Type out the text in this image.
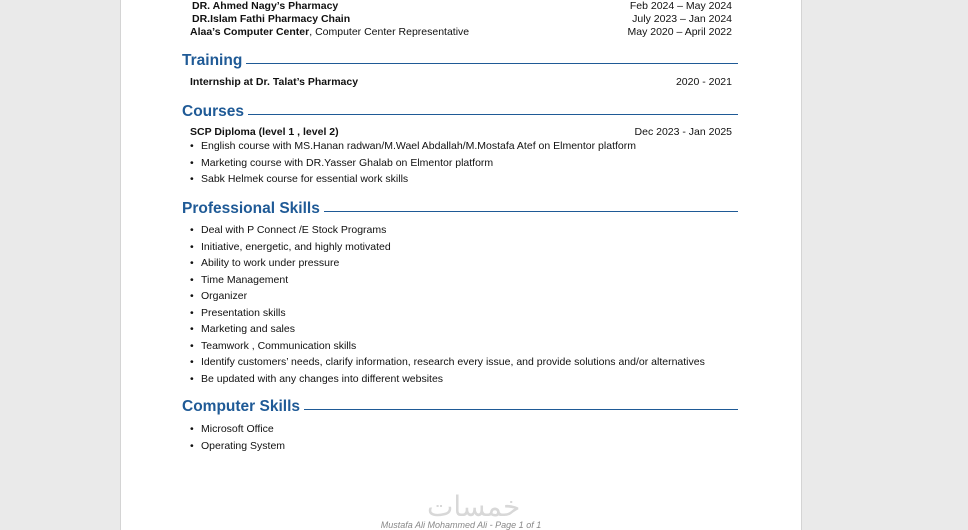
DR. Ahmed Nagy’s Pharmacy	Feb 2024 – May 2024
DR.Islam Fathi Pharmacy Chain	July 2023 – Jan 2024
Alaa’s Computer Center, Computer Center Representative	May 2020 – April 2022
Training
Internship at Dr. Talat’s Pharmacy	2020 - 2021
Courses
SCP Diploma (level 1 , level 2)	Dec 2023 - Jan 2025
• English course with MS.Hanan radwan/M.Wael Abdallah/M.Mostafa Atef on Elmentor platform
• Marketing course with DR.Yasser Ghalab on Elmentor platform
• Sabk Helmek course for essential work skills
Professional Skills
• Deal with P Connect /E Stock Programs
• Initiative, energetic, and highly motivated
• Ability to work under pressure
• Time Management
• Organizer
• Presentation skills
• Marketing and sales
• Teamwork , Communication skills
• Identify customers’ needs, clarify information, research every issue, and provide solutions and/or alternatives
• Be updated with any changes into different websites
Computer Skills
• Microsoft Office
• Operating System
خمسات
Mustafa Ali Mohammed Ali - Page 1 of 1
